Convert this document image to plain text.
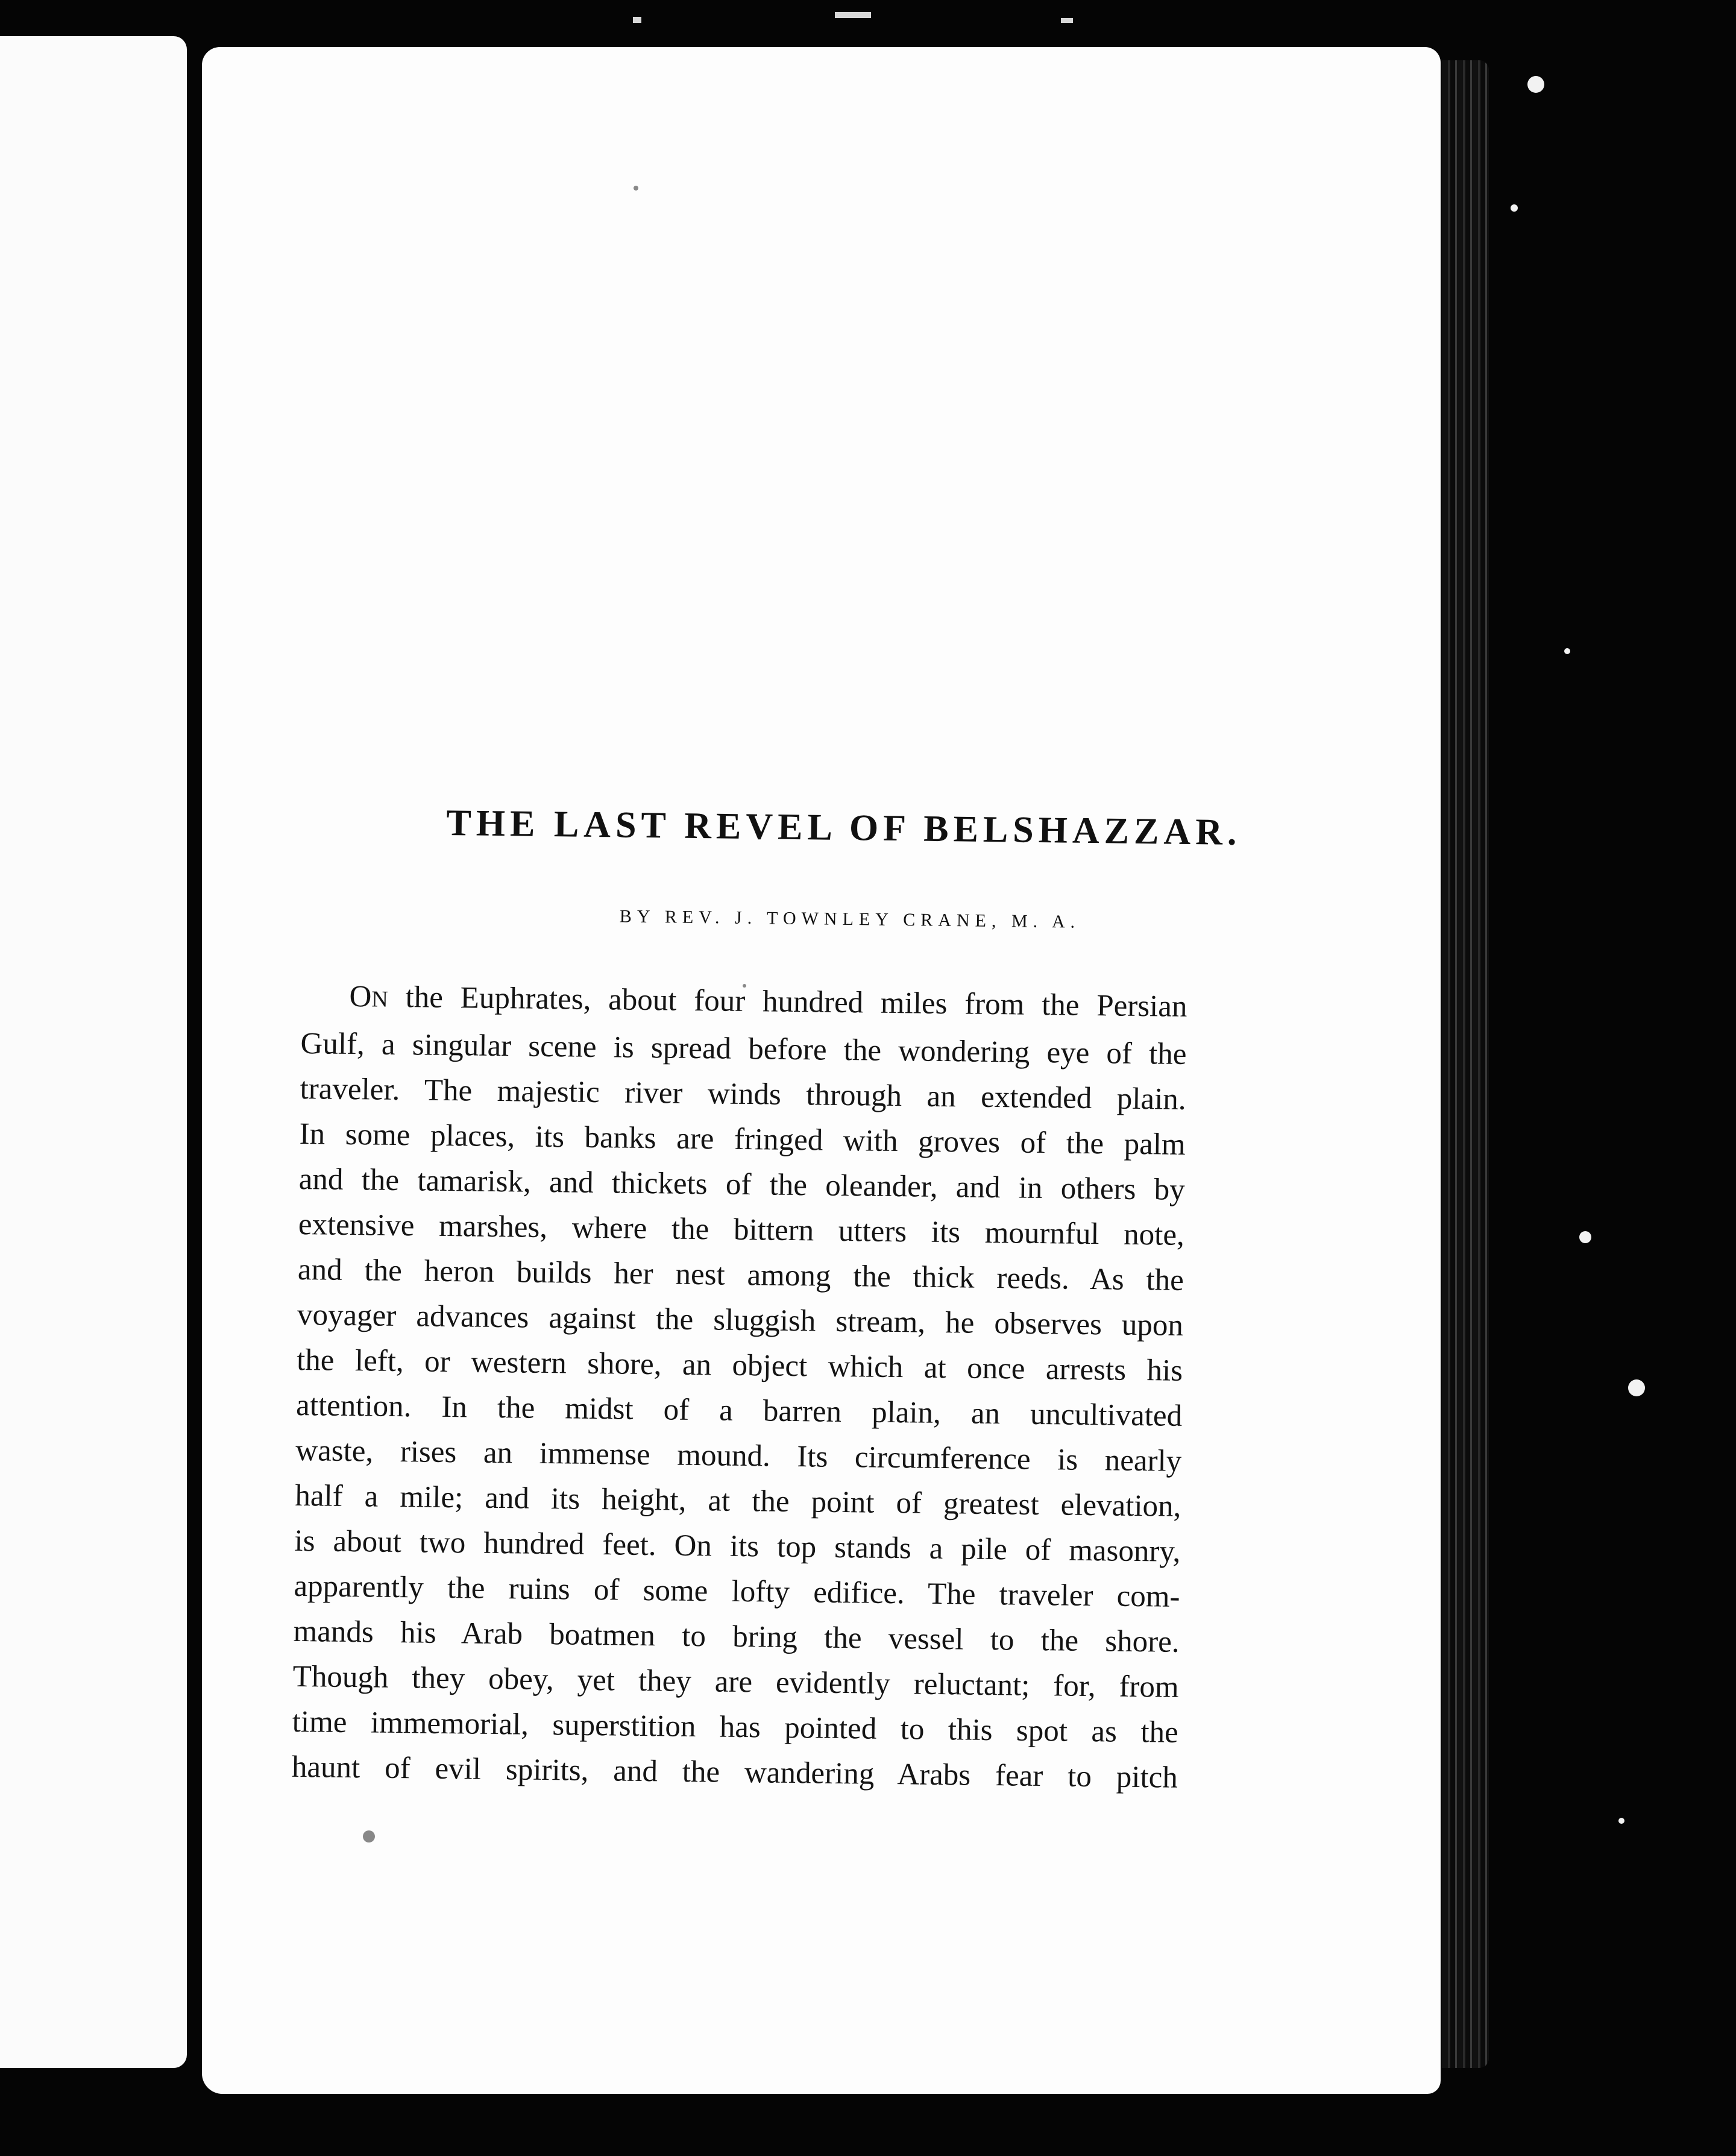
THE LAST REVEL OF BELSHAZZAR.
BY REV. J. TOWNLEY CRANE, M. A.
ON the Euphrates, about four hundred miles from the Persian
Gulf, a singular scene is spread before the wondering eye of the
traveler. The majestic river winds through an extended plain.
In some places, its banks are fringed with groves of the palm
and the tamarisk, and thickets of the oleander, and in others by
extensive marshes, where the bittern utters its mournful note,
and the heron builds her nest among the thick reeds. As the
voyager advances against the sluggish stream, he observes upon
the left, or western shore, an object which at once arrests his
attention. In the midst of a barren plain, an uncultivated
waste, rises an immense mound. Its circumference is nearly
half a mile; and its height, at the point of greatest elevation,
is about two hundred feet. On its top stands a pile of masonry,
apparently the ruins of some lofty edifice. The traveler com-
mands his Arab boatmen to bring the vessel to the shore.
Though they obey, yet they are evidently reluctant; for, from
time immemorial, superstition has pointed to this spot as the
haunt of evil spirits, and the wandering Arabs fear to pitch
